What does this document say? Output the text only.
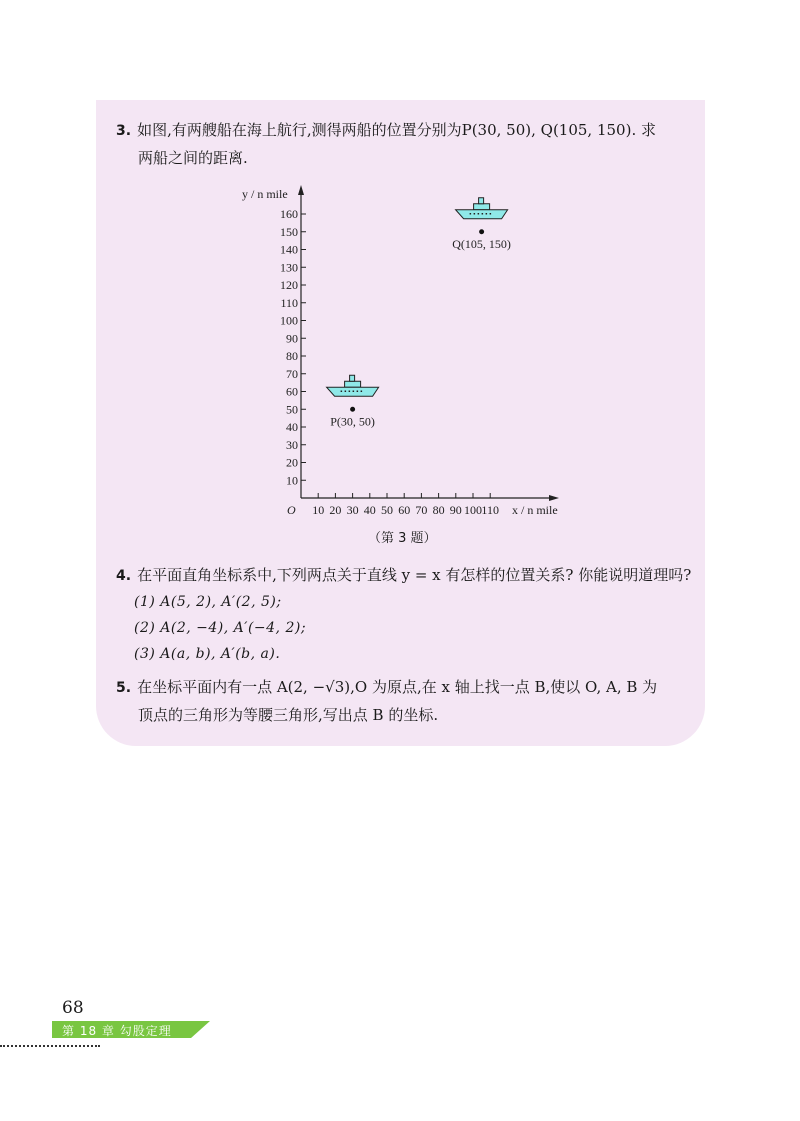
3. 如图,有两艘船在海上航行,测得两船的位置分别为P(30, 50), Q(105, 150). 求
两船之间的距离.
10
20
30
40
50
60
70
80
90
100
110
120
130
140
150
160
10 20 30 40 50 60 70 80 90 100 110
O
y / n mile
x / n mile
P(30, 50)
Q(105, 150)
（第 3 题）
4. 在平面直角坐标系中,下列两点关于直线 y = x 有怎样的位置关系? 你能说明道理吗?
(1) A(5, 2), A′(2, 5);
(2) A(2, −4), A′(−4, 2);
(3) A(a, b), A′(b, a).
5. 在坐标平面内有一点 A(2, −√3),O 为原点,在 x 轴上找一点 B,使以 O, A, B 为
顶点的三角形为等腰三角形,写出点 B 的坐标.
68
第 18 章 勾股定理
